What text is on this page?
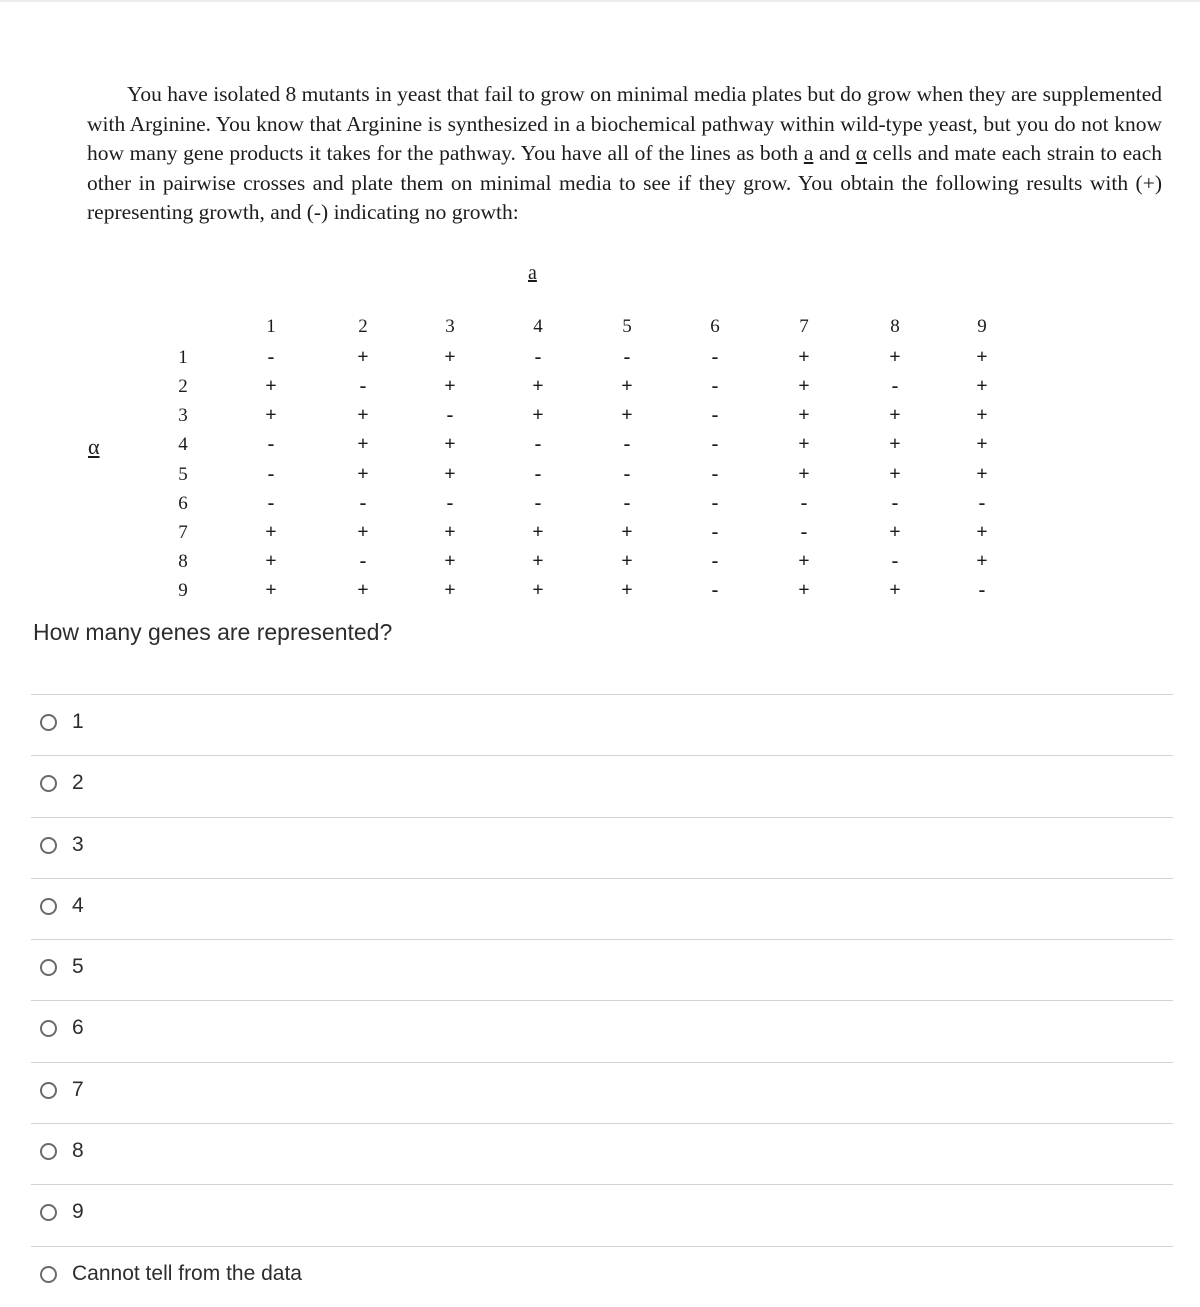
You have isolated 8 mutants in yeast that fail to grow on minimal media plates but do grow when they are supplemented with Arginine. You know that Arginine is synthesized in a biochemical pathway within wild-type yeast, but you do not know how many gene products it takes for the pathway. You have all of the lines as both a and α cells and mate each strain to each other in pairwise crosses and plate them on minimal media to see if they grow. You obtain the following results with (+) representing growth, and (-) indicating no growth:

a
α
1	2	3	4	5	6	7	8	9
1	-	+	+	-	-	-	+	+	+
2	+	-	+	+	+	-	+	-	+
3	+	+	-	+	+	-	+	+	+
4	-	+	+	-	-	-	+	+	+
5	-	+	+	-	-	-	+	+	+
6	-	-	-	-	-	-	-	-	-
7	+	+	+	+	+	-	-	+	+
8	+	-	+	+	+	-	+	-	+
9	+	+	+	+	+	-	+	+	-
How many genes are represented?
1
2
3
4
5
6
7
8
9
Cannot tell from the data
